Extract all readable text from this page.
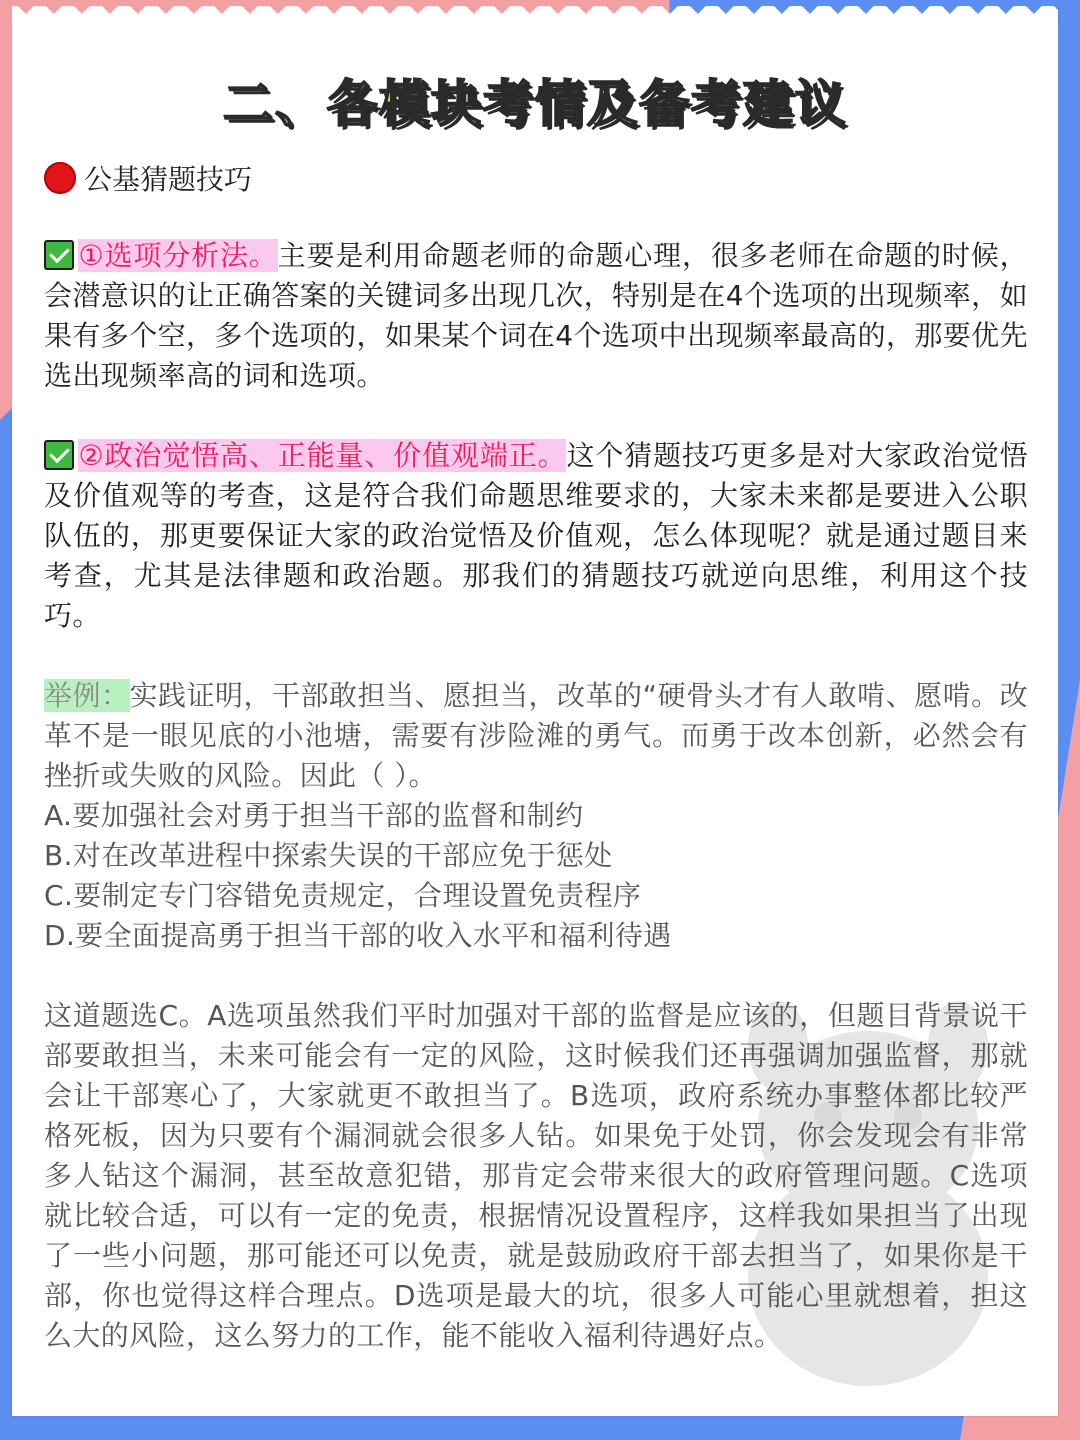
二、各模块考情及备考建议
公基猜题技巧
①选项分析法。主要是利用命题老师的命题心理，很多老师在命题的时候，会潜意识的让正确答案的关键词多出现几次，特别是在4个选项的出现频率，如果有多个空，多个选项的，如果某个词在4个选项中出现频率最高的，那要优先选出现频率高的词和选项。
②政治觉悟高、正能量、价值观端正。这个猜题技巧更多是对大家政治觉悟及价值观等的考查，这是符合我们命题思维要求的，大家未来都是要进入公职队伍的，那更要保证大家的政治觉悟及价值观，怎么体现呢？就是通过题目来考查，尤其是法律题和政治题。那我们的猜题技巧就逆向思维，利用这个技巧。
举例：实践证明，干部敢担当、愿担当，改革的“硬骨头才有人敢啃、愿啃。改革不是一眼见底的小池塘，需要有涉险滩的勇气。而勇于改本创新，必然会有挫折或失败的风险。因此（ ）。
A.要加强社会对勇于担当干部的监督和制约
B.对在改革进程中探索失误的干部应免于惩处
C.要制定专门容错免责规定，合理设置免责程序
D.要全面提高勇于担当干部的收入水平和福利待遇
这道题选C。A选项虽然我们平时加强对干部的监督是应该的，但题目背景说干部要敢担当，未来可能会有一定的风险，这时候我们还再强调加强监督，那就会让干部寒心了，大家就更不敢担当了。B选项，政府系统办事整体都比较严格死板，因为只要有个漏洞就会很多人钻。如果免于处罚，你会发现会有非常多人钻这个漏洞，甚至故意犯错，那肯定会带来很大的政府管理问题。C选项就比较合适，可以有一定的免责，根据情况设置程序，这样我如果担当了出现了一些小问题，那可能还可以免责，就是鼓励政府干部去担当了，如果你是干部，你也觉得这样合理点。D选项是最大的坑，很多人可能心里就想着，担这么大的风险，这么努力的工作，能不能收入福利待遇好点。
